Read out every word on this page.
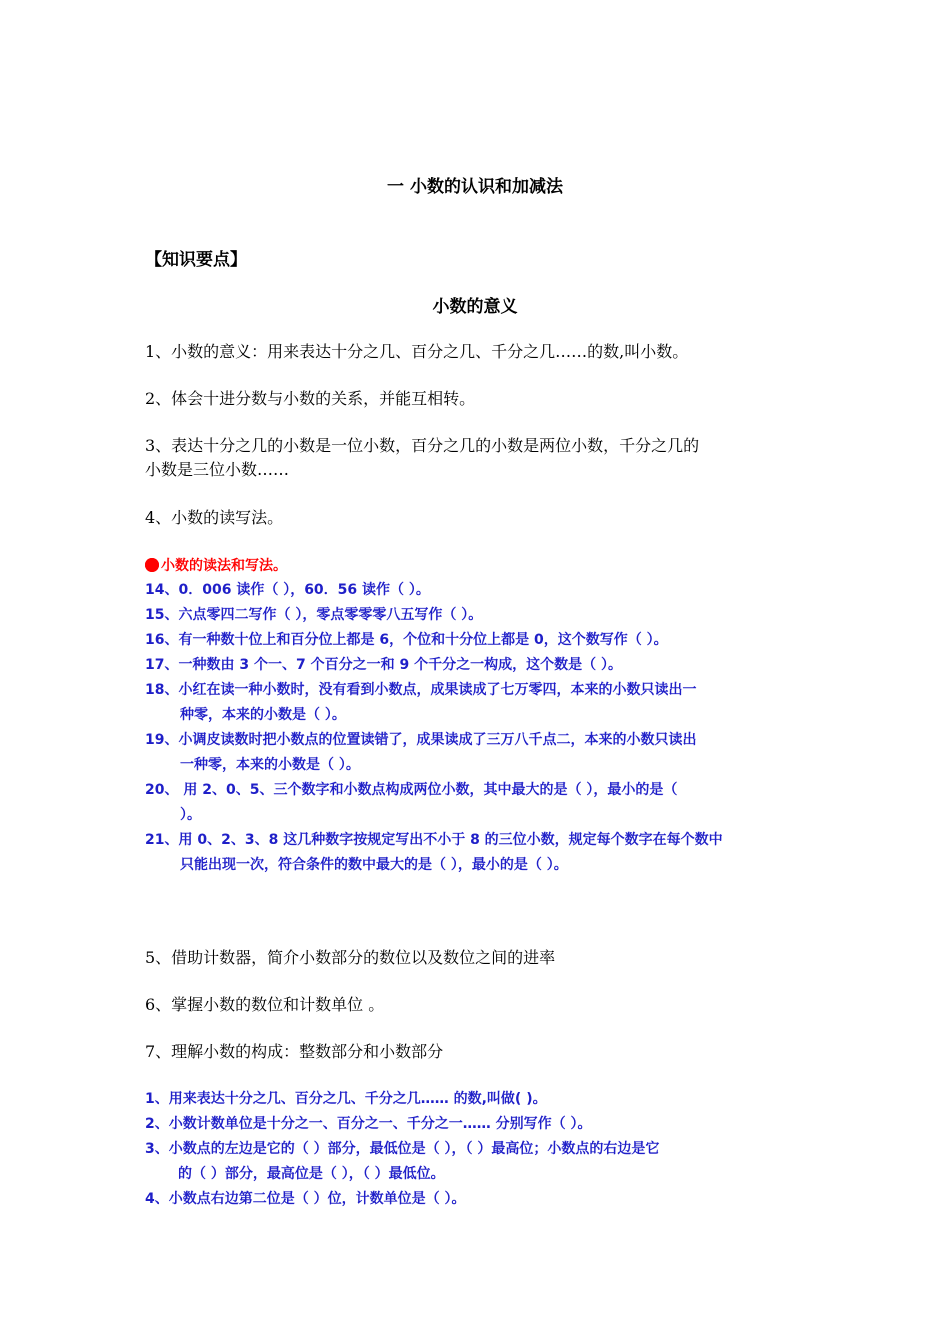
一 小数的认识和加减法
【知识要点】
小数的意义
1、小数的意义：用来表达十分之几、百分之几、千分之几……的数,叫小数。
2、体会十进分数与小数的关系，并能互相转。
3、表达十分之几的小数是一位小数，百分之几的小数是两位小数，千分之几的
小数是三位小数……
4、小数的读写法。
小数的读法和写法。
14、0．006 读作（ ），60．56 读作（ ）。
15、六点零四二写作（ ），零点零零零八五写作（ ）。
16、有一种数十位上和百分位上都是 6，个位和十分位上都是 0，这个数写作（ ）。
17、一种数由 3 个一、7 个百分之一和 9 个千分之一构成，这个数是（ ）。
18、小红在读一种小数时，没有看到小数点，成果读成了七万零四，本来的小数只读出一
种零，本来的小数是（ ）。
19、小调皮读数时把小数点的位置读错了，成果读成了三万八千点二，本来的小数只读出
一种零，本来的小数是（ ）。
20、 用 2、0、5、三个数字和小数点构成两位小数，其中最大的是（ ），最小的是（
）。
21、用 0、2、3、8 这几种数字按规定写出不小于 8 的三位小数，规定每个数字在每个数中
只能出现一次，符合条件的数中最大的是（ ），最小的是（ ）。
5、借助计数器，简介小数部分的数位以及数位之间的进率
6、掌握小数的数位和计数单位 。
7、理解小数的构成：整数部分和小数部分
1、用来表达十分之几、百分之几、千分之几…… 的数,叫做( )。
2、小数计数单位是十分之一、百分之一、千分之一…… 分别写作（ ）。
3、小数点的左边是它的（ ）部分，最低位是（ ），（ ）最高位；小数点的右边是它
的（ ）部分，最高位是（ ），（ ）最低位。
4、小数点右边第二位是（ ）位，计数单位是（ ）。
